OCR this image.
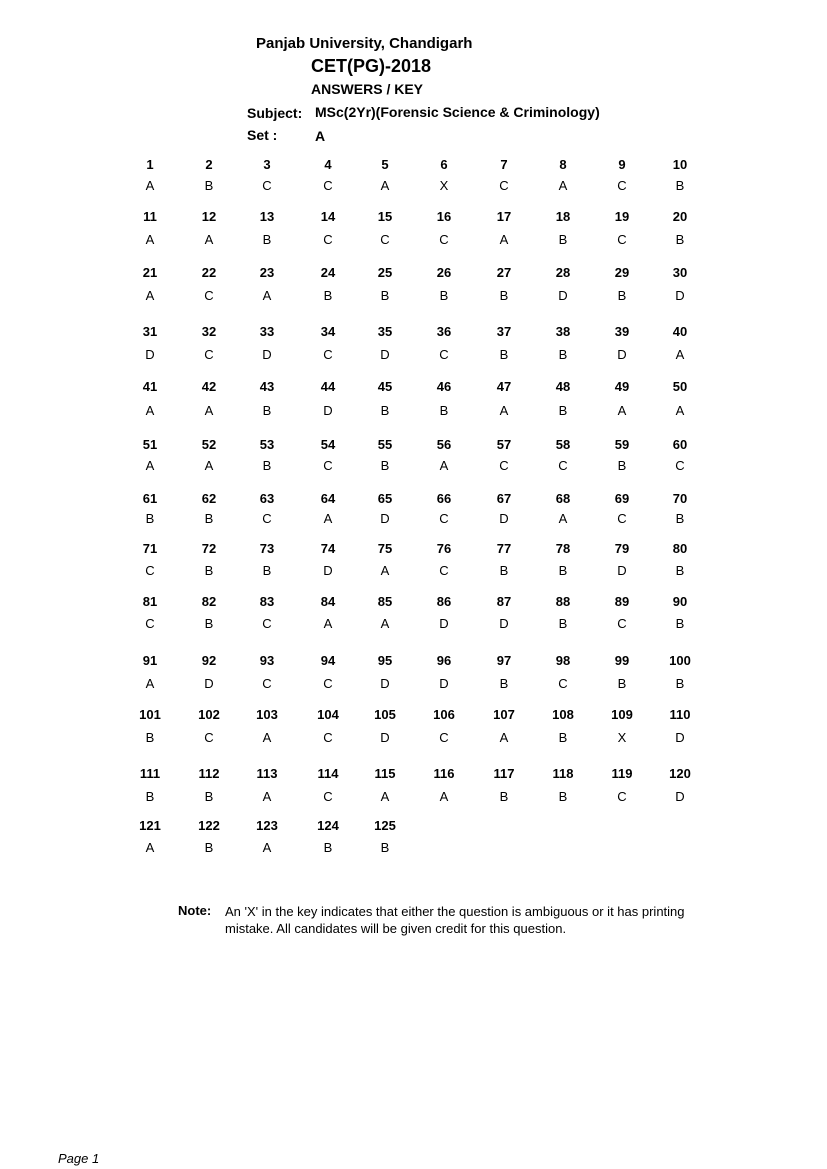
Panjab University, Chandigarh
CET(PG)-2018
ANSWERS / KEY
Subject: MSc(2Yr)(Forensic Science & Criminology)
Set :	A
1
A
2
B
3
C
4
C
5
A
6
X
7
C
8
A
9
C
10
B
11
A
12
A
13
B
14
C
15
C
16
C
17
A
18
B
19
C
20
B
21
A
22
C
23
A
24
B
25
B
26
B
27
B
28
D
29
B
30
D
31
D
32
C
33
D
34
C
35
D
36
C
37
B
38
B
39
D
40
A
41
A
42
A
43
B
44
D
45
B
46
B
47
A
48
B
49
A
50
A
51
A
52
A
53
B
54
C
55
B
56
A
57
C
58
C
59
B
60
C
61
B
62
B
63
C
64
A
65
D
66
C
67
D
68
A
69
C
70
B
71
C
72
B
73
B
74
D
75
A
76
C
77
B
78
B
79
D
80
B
81
C
82
B
83
C
84
A
85
A
86
D
87
D
88
B
89
C
90
B
91
A
92
D
93
C
94
C
95
D
96
D
97
B
98
C
99
B
100
B
101
B
102
C
103
A
104
C
105
D
106
C
107
A
108
B
109
X
110
D
111
B
112
B
113
A
114
C
115
A
116
A
117
B
118
B
119
C
120
D
121
A
122
B
123
A
124
B
125
B
Note: An 'X' in the key indicates that either the question is ambiguous or it has printing mistake. All candidates will be given credit for this question.
Page 1
